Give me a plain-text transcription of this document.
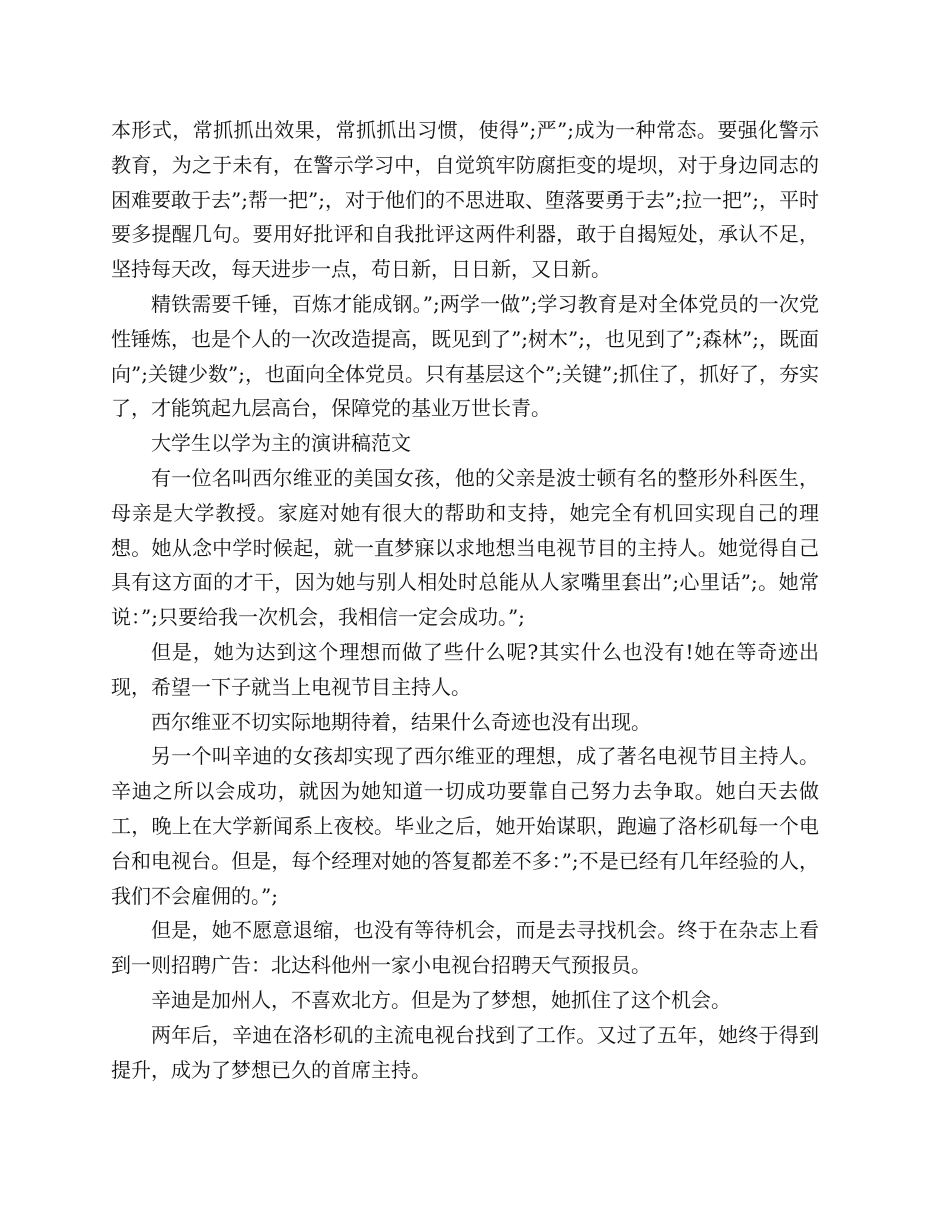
本形式，常抓抓出效果，常抓抓出习惯，使得”;严”;成为一种常态。要强化警示教育，为之于未有，在警示学习中，自觉筑牢防腐拒变的堤坝，对于身边同志的困难要敢于去”;帮一把”;，对于他们的不思进取、堕落要勇于去”;拉一把”;，平时要多提醒几句。要用好批评和自我批评这两件利器，敢于自揭短处，承认不足，坚持每天改，每天进步一点，苟日新，日日新，又日新。

精铁需要千锤，百炼才能成钢。”;两学一做”;学习教育是对全体党员的一次党性锤炼，也是个人的一次改造提高，既见到了”;树木”;，也见到了”;森林”;，既面向”;关键少数”;，也面向全体党员。只有基层这个”;关键”;抓住了，抓好了，夯实了，才能筑起九层高台，保障党的基业万世长青。

大学生以学为主的演讲稿范文

有一位名叫西尔维亚的美国女孩，他的父亲是波士顿有名的整形外科医生，母亲是大学教授。家庭对她有很大的帮助和支持，她完全有机回实现自己的理想。她从念中学时候起，就一直梦寐以求地想当电视节目的主持人。她觉得自己具有这方面的才干，因为她与别人相处时总能从人家嘴里套出”;心里话”;。她常说：”;只要给我一次机会，我相信一定会成功。”;

但是，她为达到这个理想而做了些什么呢?其实什么也没有!她在等奇迹出现，希望一下子就当上电视节目主持人。

西尔维亚不切实际地期待着，结果什么奇迹也没有出现。

另一个叫辛迪的女孩却实现了西尔维亚的理想，成了著名电视节目主持人。辛迪之所以会成功，就因为她知道一切成功要靠自己努力去争取。她白天去做工，晚上在大学新闻系上夜校。毕业之后，她开始谋职，跑遍了洛杉矶每一个电台和电视台。但是，每个经理对她的答复都差不多：”;不是已经有几年经验的人，我们不会雇佣的。”;

但是，她不愿意退缩，也没有等待机会，而是去寻找机会。终于在杂志上看到一则招聘广告：北达科他州一家小电视台招聘天气预报员。

辛迪是加州人，不喜欢北方。但是为了梦想，她抓住了这个机会。

两年后，辛迪在洛杉矶的主流电视台找到了工作。又过了五年，她终于得到提升，成为了梦想已久的首席主持。
